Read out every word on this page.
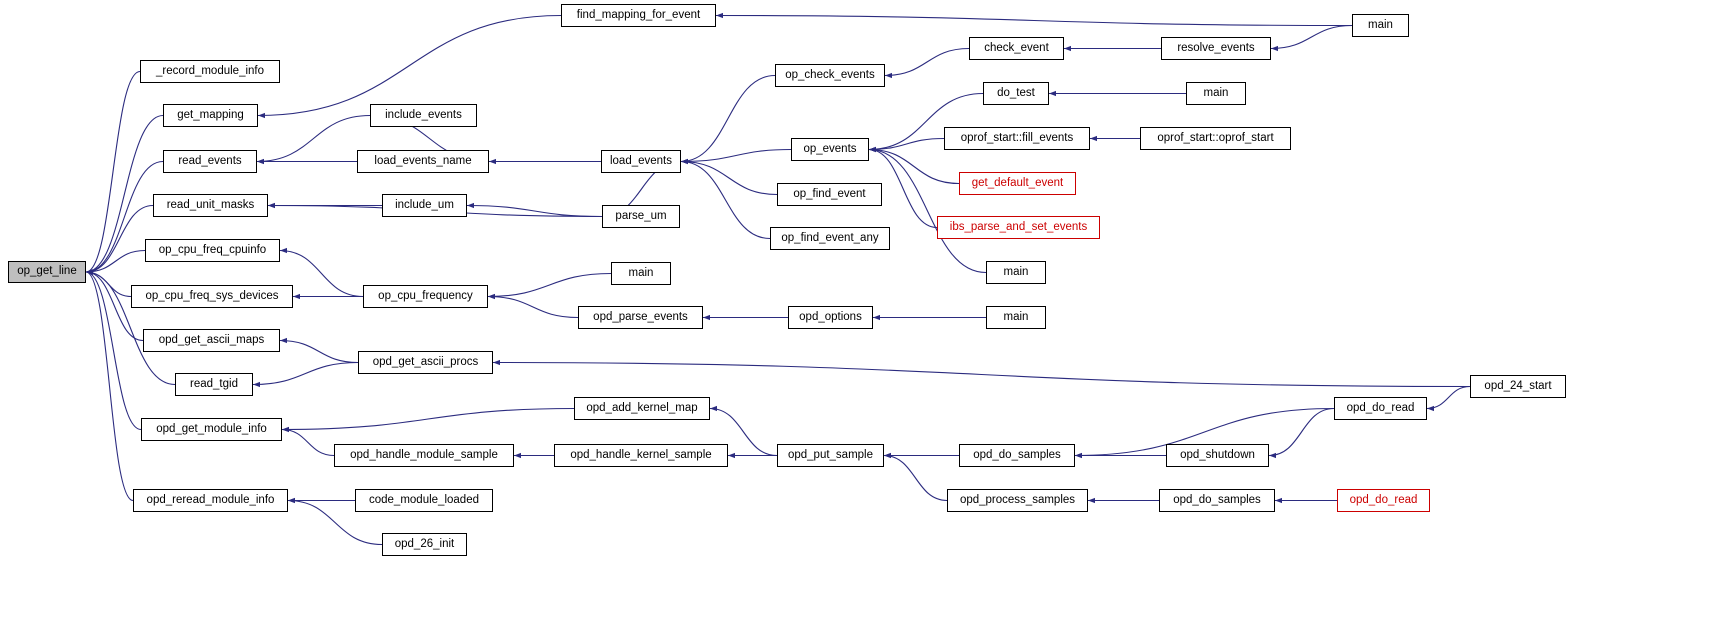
op_get_line
_record_module_info
get_mapping
read_events
read_unit_masks
op_cpu_freq_cpuinfo
op_cpu_freq_sys_devices
opd_get_ascii_maps
read_tgid
opd_get_module_info
opd_reread_module_info
find_mapping_for_event
include_events
load_events_name
include_um
parse_um
op_cpu_frequency
opd_get_ascii_procs
opd_handle_module_sample
code_module_loaded
opd_26_init
op_check_events
load_events
op_find_event
op_find_event_any
main
opd_parse_events
op_events
check_event
do_test
oprof_start::fill_events
get_default_event
ibs_parse_and_set_events
main
opd_options	main
main
resolve_events
main
oprof_start::oprof_start
opd_24_start
opd_do_read
opd_add_kernel_map
opd_handle_kernel_sample	opd_put_sample	opd_do_samples	opd_shutdown
opd_process_samples	opd_do_samples	opd_do_read
